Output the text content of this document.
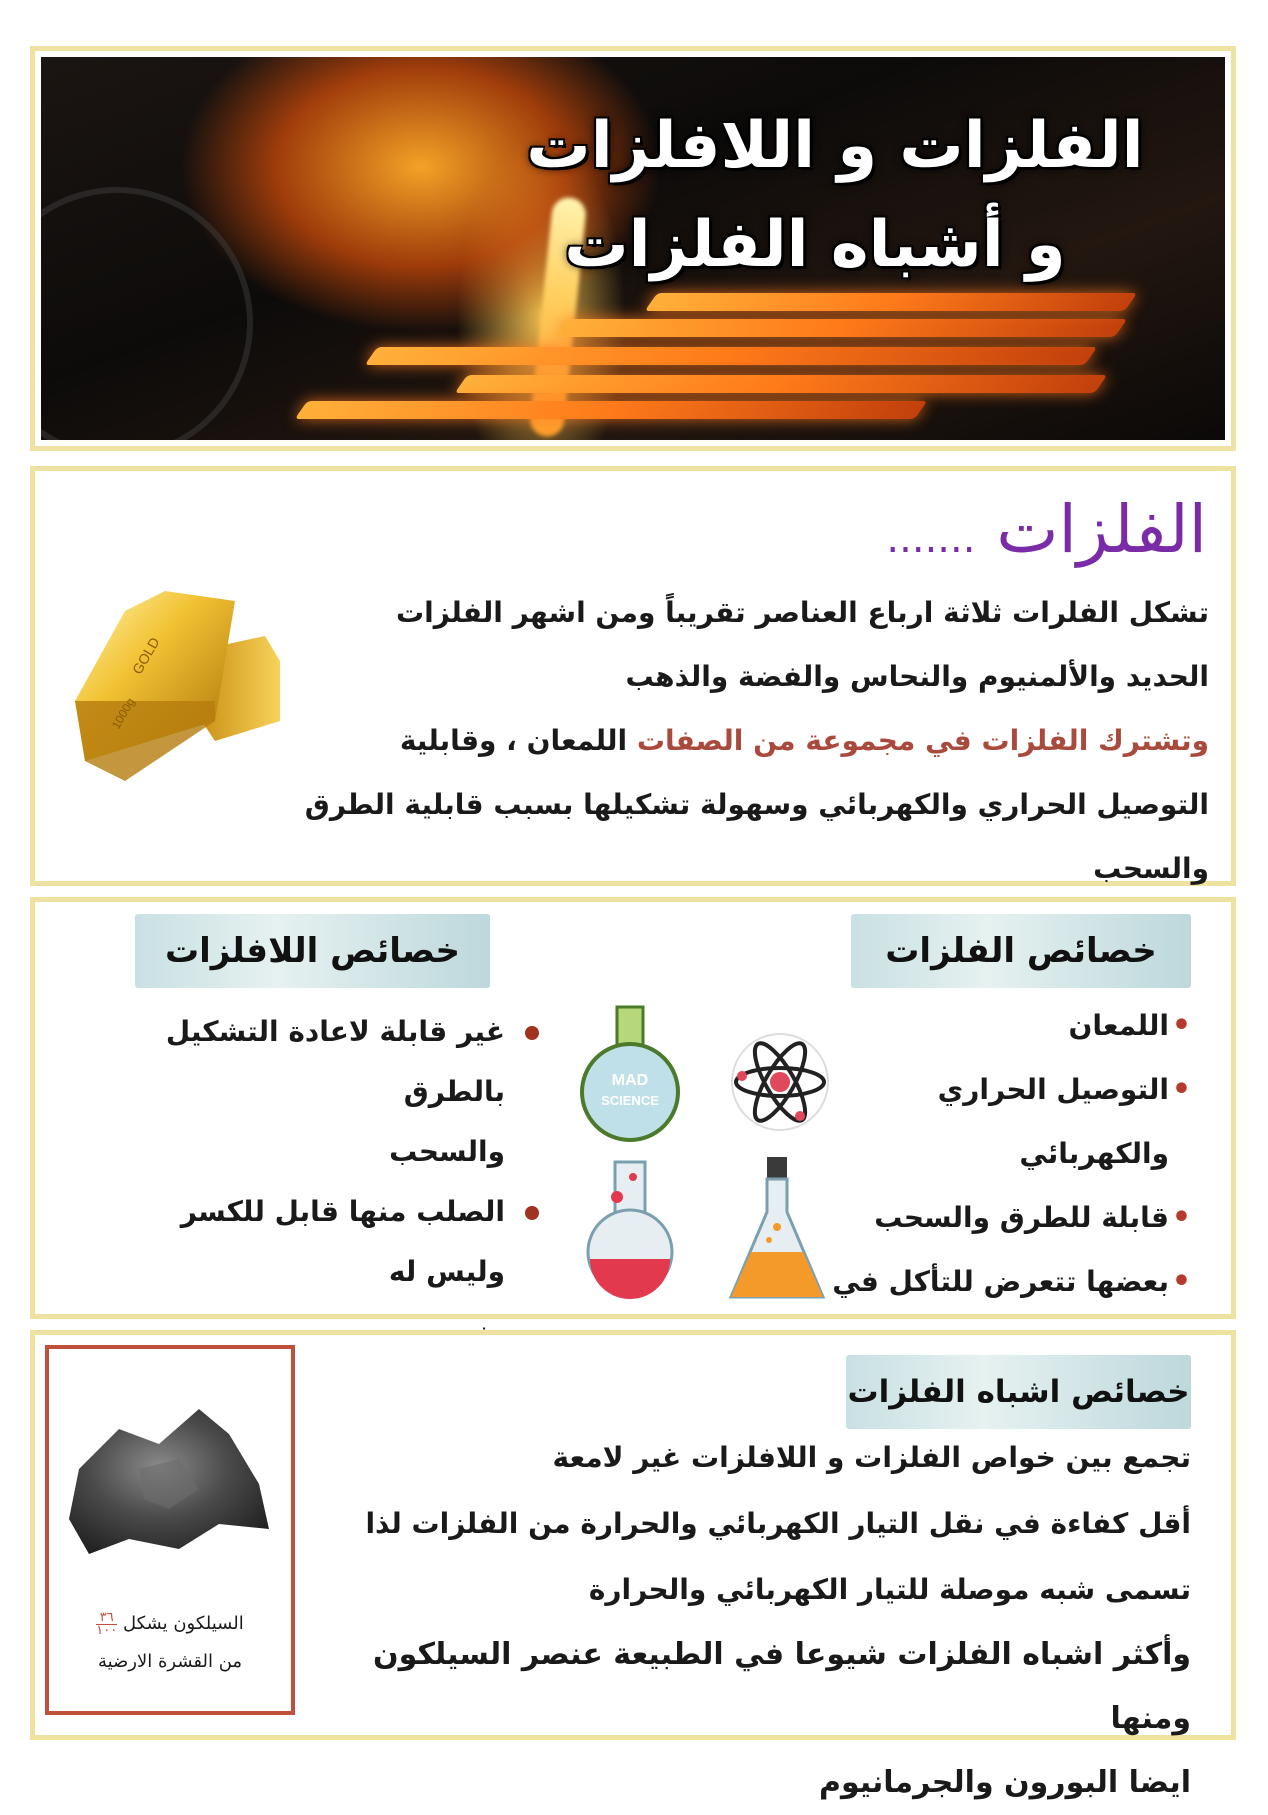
الفلزات و اللافلزات
و أشباه الفلزات
الفلزات .......

تشكل الفلرات ثلاثة ارباع العناصر تقريباً ومن اشهر الفلزات

الحديد والألمنيوم والنحاس والفضة والذهب

وتشترك الفلزات في مجموعة من الصفات اللمعان ، وقابلية

التوصيل الحراري والكهربائي وسهولة تشكيلها بسبب قابلية الطرق

والسحب

GOLD
1000g
خصائص الفلزات
خصائص اللافلزات
• اللمعان
• التوصيل الحراري والكهربائي
• قابلة للطرق والسحب
• بعضها تتعرض للتأكل في
MAD
SCIENCE
غير قابلة لاعادة التشكيل بالطرق
والسحب
الصلب منها قابل للكسر وليس له
خصائص اشباه الفلزات

تجمع بين خواص الفلزات و اللافلزات غير لامعة

أقل كفاءة في نقل التيار الكهربائي والحرارة من الفلزات لذا

تسمى شبه موصلة للتيار الكهربائي والحرارة

وأكثر اشباه الفلزات شيوعا في الطبيعة عنصر السيلكون ومنها

ايضا البورون والجرمانيوم

السيلكون يشكل
$\frac{٣٦}{١٠٠}$
من القشرة الارضية
